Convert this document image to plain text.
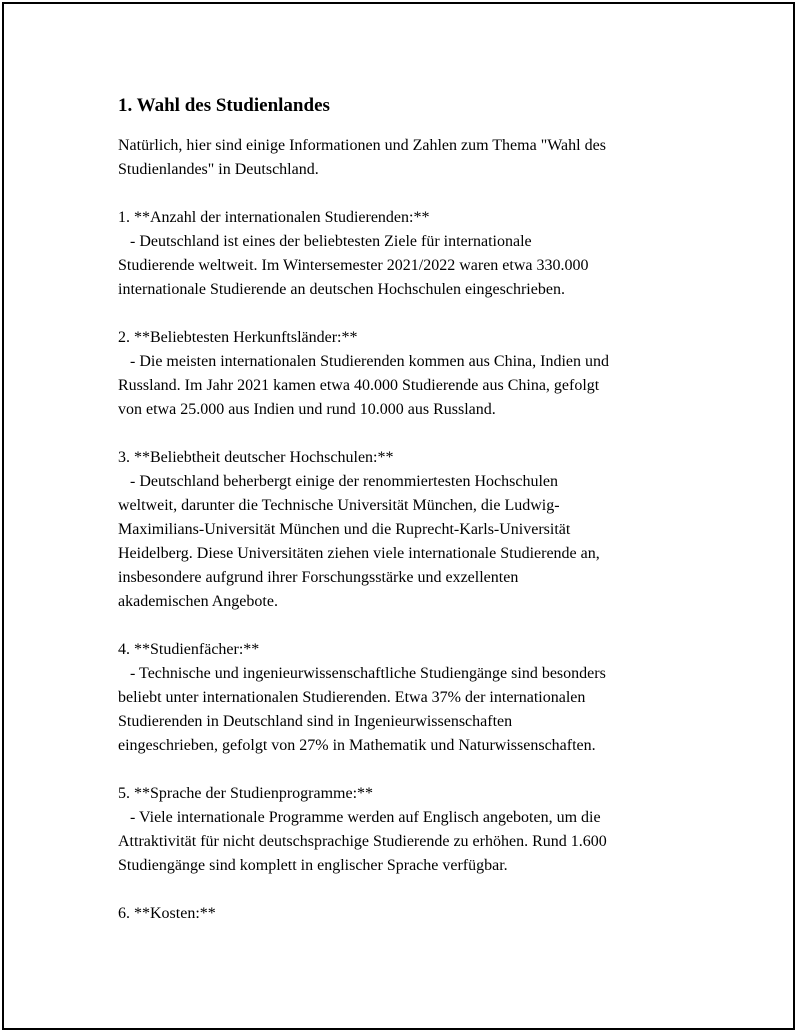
1. Wahl des Studienlandes
Natürlich, hier sind einige Informationen und Zahlen zum Thema "Wahl des
Studienlandes" in Deutschland.
1. **Anzahl der internationalen Studierenden:**
- Deutschland ist eines der beliebtesten Ziele für internationale
Studierende weltweit. Im Wintersemester 2021/2022 waren etwa 330.000
internationale Studierende an deutschen Hochschulen eingeschrieben.
2. **Beliebtesten Herkunftsländer:**
- Die meisten internationalen Studierenden kommen aus China, Indien und
Russland. Im Jahr 2021 kamen etwa 40.000 Studierende aus China, gefolgt
von etwa 25.000 aus Indien und rund 10.000 aus Russland.
3. **Beliebtheit deutscher Hochschulen:**
- Deutschland beherbergt einige der renommiertesten Hochschulen
weltweit, darunter die Technische Universität München, die Ludwig-
Maximilians-Universität München und die Ruprecht-Karls-Universität
Heidelberg. Diese Universitäten ziehen viele internationale Studierende an,
insbesondere aufgrund ihrer Forschungsstärke und exzellenten
akademischen Angebote.
4. **Studienfächer:**
- Technische und ingenieurwissenschaftliche Studiengänge sind besonders
beliebt unter internationalen Studierenden. Etwa 37% der internationalen
Studierenden in Deutschland sind in Ingenieurwissenschaften
eingeschrieben, gefolgt von 27% in Mathematik und Naturwissenschaften.
5. **Sprache der Studienprogramme:**
- Viele internationale Programme werden auf Englisch angeboten, um die
Attraktivität für nicht deutschsprachige Studierende zu erhöhen. Rund 1.600
Studiengänge sind komplett in englischer Sprache verfügbar.
6. **Kosten:**
